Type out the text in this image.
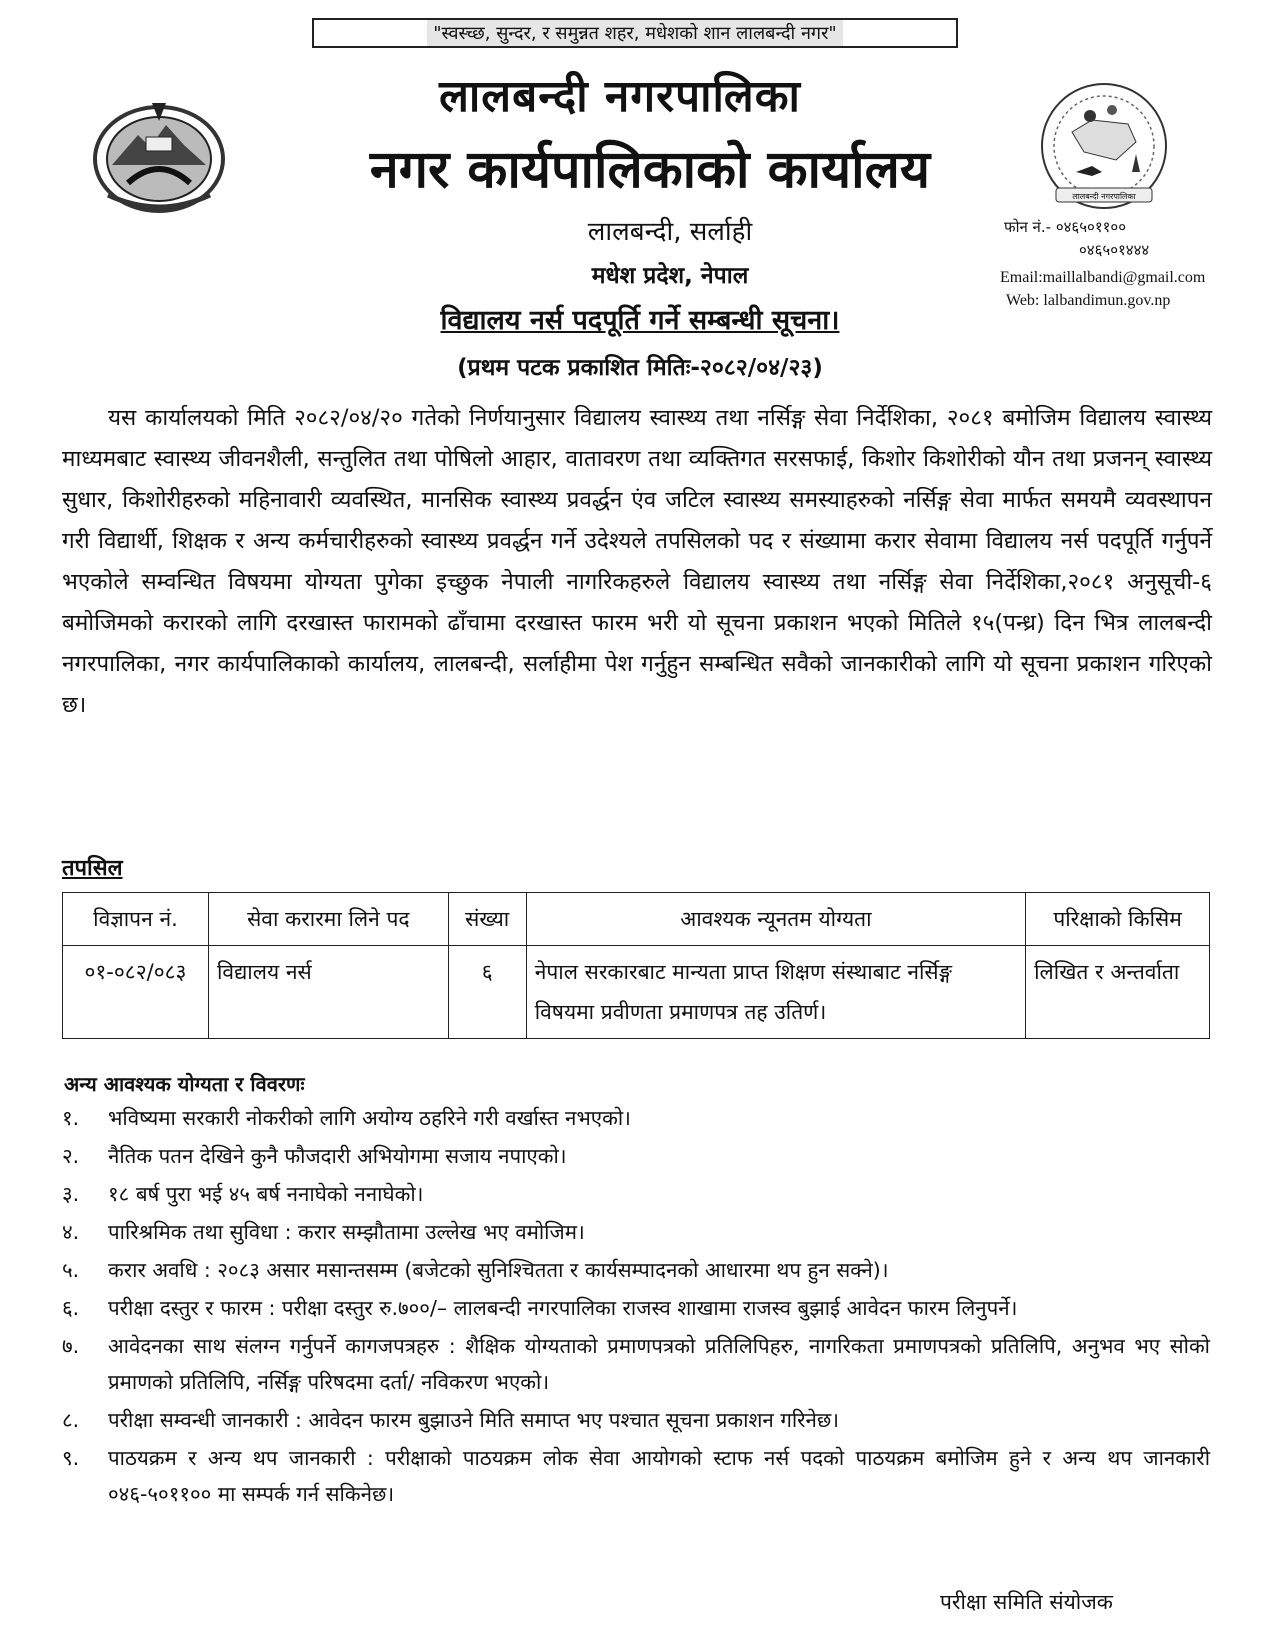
"स्वस्च्छ, सुन्दर, र समुन्नत शहर, मधेशको शान लालबन्दी नगर"
लालबन्दी नगरपालिका
नगर कार्यपालिकाको कार्यालय	लालबन्दी नगरपालिका
लालबन्दी, सर्लाही
मधेश प्रदेश, नेपाल
फोन नं.- ०४६५०११००
०४६५०१४४४
Email:maillalbandi@gmail.com
Web: lalbandimun.gov.np
विद्यालय नर्स पदपूर्ति गर्ने सम्बन्धी सूचना।
(प्रथम पटक प्रकाशित मितिः-२०८२/०४/२३)
यस कार्यालयको मिति २०८२/०४/२० गतेको निर्णयानुसार विद्यालय स्वास्थ्य तथा नर्सिङ्ग सेवा निर्देशिका, २०८१ बमोजिम विद्यालय स्वास्थ्य माध्यमबाट स्वास्थ्य जीवनशैली, सन्तुलित तथा पोषिलो आहार, वातावरण तथा व्यक्तिगत सरसफाई, किशोर किशोरीको यौन तथा प्रजनन् स्वास्थ्य सुधार, किशोरीहरुको महिनावारी व्यवस्थित, मानसिक स्वास्थ्य प्रवर्द्धन एंव जटिल स्वास्थ्य समस्याहरुको नर्सिङ्ग सेवा मार्फत समयमै व्यवस्थापन गरी विद्यार्थी, शिक्षक र अन्य कर्मचारीहरुको स्वास्थ्य प्रवर्द्धन गर्ने उदेश्यले तपसिलको पद र संख्यामा करार सेवामा विद्यालय नर्स पदपूर्ति गर्नुपर्ने भएकोले सम्वन्धित विषयमा योग्यता पुगेका इच्छुक नेपाली नागरिकहरुले विद्यालय स्वास्थ्य तथा नर्सिङ्ग सेवा निर्देशिका,२०८१ अनुसूची-६ बमोजिमको करारको लागि दरखास्त फारामको ढाँचामा दरखास्त फारम भरी यो सूचना प्रकाशन भएको मितिले १५(पन्ध्र) दिन भित्र लालबन्दी नगरपालिका, नगर कार्यपालिकाको कार्यालय, लालबन्दी, सर्लाहीमा पेश गर्नुहुन सम्बन्धित सवैको जानकारीको लागि यो सूचना प्रकाशन गरिएको छ।
तपसिल
विज्ञापन नं.	सेवा करारमा लिने पद	संख्या	आवश्यक न्यूनतम योग्यता	परिक्षाको किसिम
०१-०८२/०८३	विद्यालय नर्स	६	नेपाल सरकारबाट मान्यता प्राप्त शिक्षण संस्थाबाट नर्सिङ्ग विषयमा प्रवीणता प्रमाणपत्र तह उतिर्ण।	लिखित र अन्तर्वाता
अन्य आवश्यक योग्यता र विवरणः
१.	भविष्यमा सरकारी नोकरीको लागि अयोग्य ठहरिने गरी वर्खास्त नभएको।
२.	नैतिक पतन देखिने कुनै फौजदारी अभियोगमा सजाय नपाएको।
३.	१८ बर्ष पुरा भई ४५ बर्ष ननाघेको ननाघेको।
४.	पारिश्रमिक तथा सुविधा : करार सम्झौतामा उल्लेख भए वमोजिम।
५.	करार अवधि : २०८३ असार मसान्तसम्म (बजेटको सुनिश्चितता र कार्यसम्पादनको आधारमा थप हुन सक्ने)।
६.	परीक्षा दस्तुर र फारम : परीक्षा दस्तुर रु.७००/– लालबन्दी नगरपालिका राजस्व शाखामा राजस्व बुझाई आवेदन फारम लिनुपर्ने।
७.	आवेदनका साथ संलग्न गर्नुपर्ने कागजपत्रहरु : शैक्षिक योग्यताको प्रमाणपत्रको प्रतिलिपिहरु, नागरिकता प्रमाणपत्रको प्रतिलिपि, अनुभव भए सोको प्रमाणको प्रतिलिपि, नर्सिङ्ग परिषदमा दर्ता/ नविकरण भएको।
८.	परीक्षा सम्वन्धी जानकारी : आवेदन फारम बुझाउने मिति समाप्त भए पश्चात सूचना प्रकाशन गरिनेछ।
९.	पाठयक्रम र अन्य थप जानकारी : परीक्षाको पाठयक्रम लोक सेवा आयोगको स्टाफ नर्स पदको पाठयक्रम बमोजिम हुने र अन्य थप जानकारी ०४६-५०११०० मा सम्पर्क गर्न सकिनेछ।
परीक्षा समिति संयोजक
